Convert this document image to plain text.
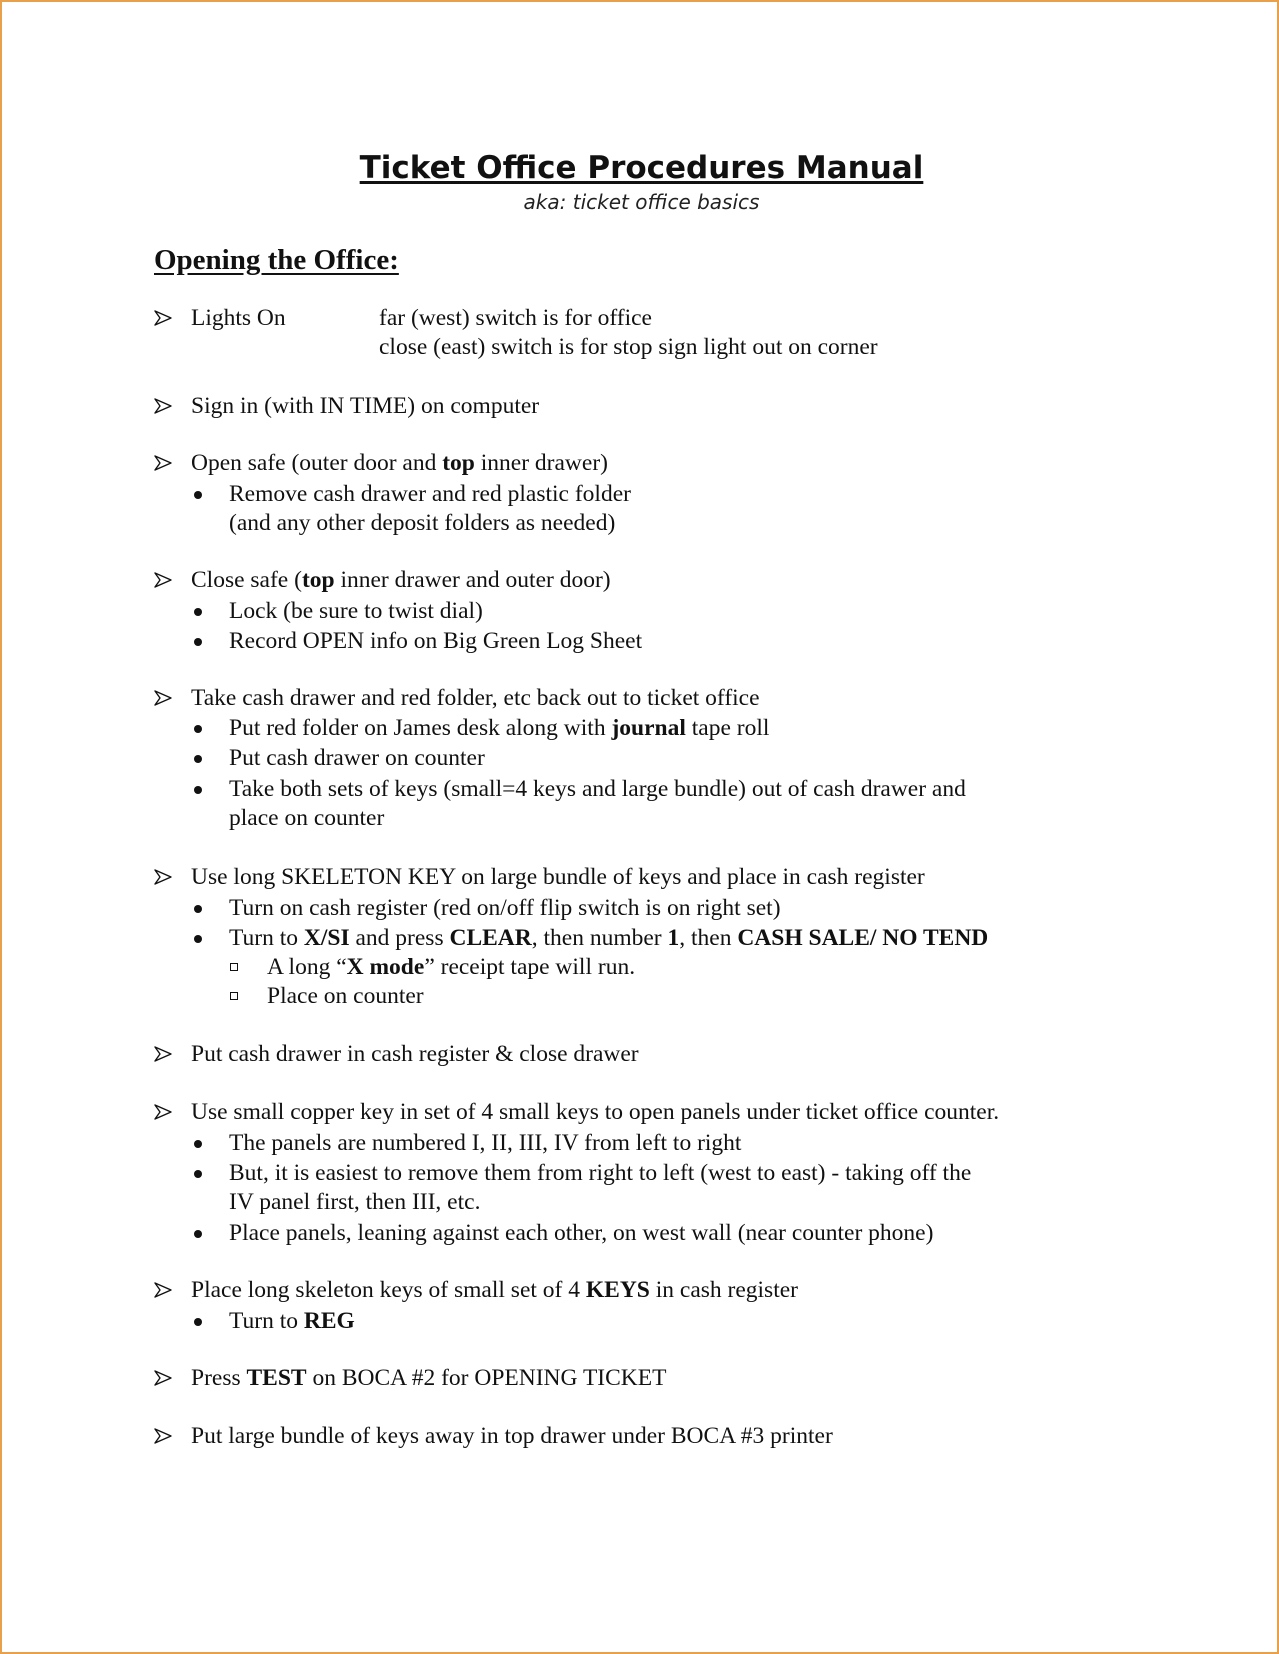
Ticket Office Procedures Manual
aka: ticket office basics
Opening the Office:
Lights On	far (west) switch is for office
close (east) switch is for stop sign light out on corner
Sign in (with IN TIME) on computer
Open safe (outer door and top inner drawer)
Remove cash drawer and red plastic folder
(and any other deposit folders as needed)
Close safe (top inner drawer and outer door)
Lock (be sure to twist dial)
Record OPEN info on Big Green Log Sheet
Take cash drawer and red folder, etc back out to ticket office
Put red folder on James desk along with journal tape roll
Put cash drawer on counter
Take both sets of keys (small=4 keys and large bundle) out of cash drawer and
place on counter
Use long SKELETON KEY on large bundle of keys and place in cash register
Turn on cash register (red on/off flip switch is on right set)
Turn to X/SI and press CLEAR, then number 1, then CASH SALE/ NO TEND
A long “X mode” receipt tape will run.
Place on counter
Put cash drawer in cash register & close drawer
Use small copper key in set of 4 small keys to open panels under ticket office counter.
The panels are numbered I, II, III, IV from left to right
But, it is easiest to remove them from right to left (west to east) - taking off the
IV panel first, then III, etc.
Place panels, leaning against each other, on west wall (near counter phone)
Place long skeleton keys of small set of 4 KEYS in cash register
Turn to REG
Press TEST on BOCA #2 for OPENING TICKET
Put large bundle of keys away in top drawer under BOCA #3 printer
